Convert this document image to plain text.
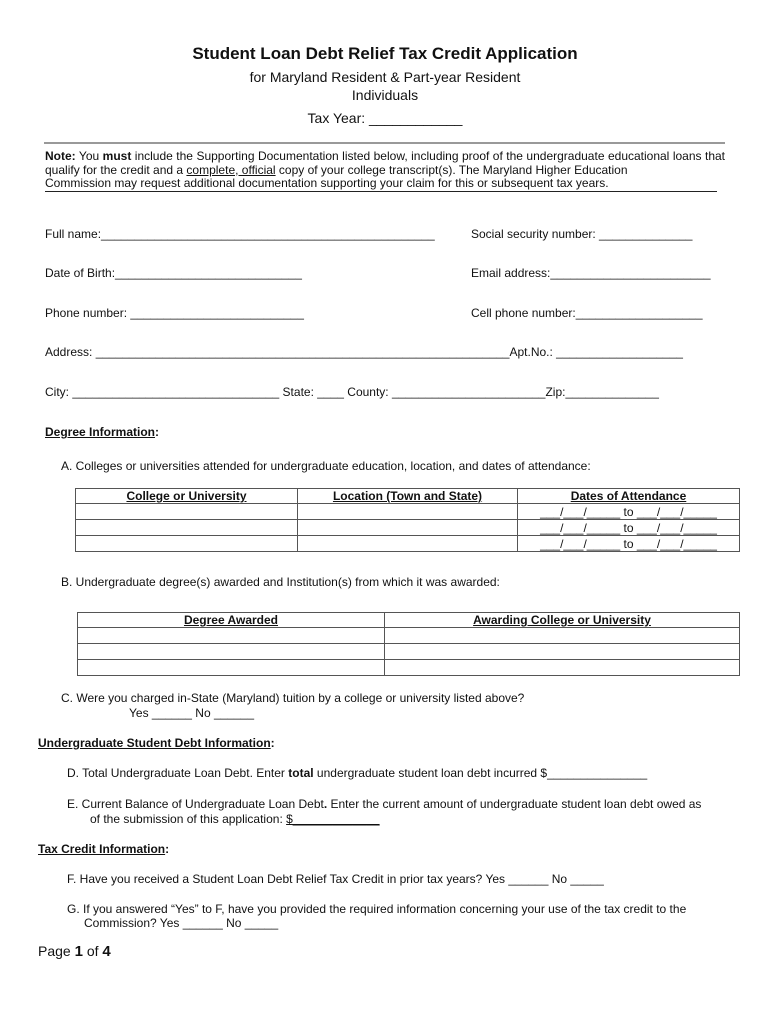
Student Loan Debt Relief Tax Credit Application
for Maryland Resident & Part-year Resident
Individuals
Tax Year: ____________
Note: You must include the Supporting Documentation listed below, including proof of the undergraduate educational loans that qualify for the credit and a complete, official copy of your college transcript(s). The Maryland Higher Education
Commission may request additional documentation supporting your claim for this or subsequent tax years.
Full name:__________________________________________________	Social security number: ______________
Date of Birth:____________________________	Email address:________________________
Phone number: __________________________	Cell phone number:___________________
Address: ______________________________________________________________Apt.No.: ___________________
City: _______________________________ State: ____ County: _______________________Zip:______________
Degree Information:
A. Colleges or universities attended for undergraduate education, location, and dates of attendance:
College or University	Location (Town and State)	Dates of Attendance
		___/___/_____ to ___/___/_____
		___/___/_____ to ___/___/_____
		___/___/_____ to ___/___/_____
B. Undergraduate degree(s) awarded and Institution(s) from which it was awarded:
Degree Awarded	Awarding College or University

C. Were you charged in-State (Maryland) tuition by a college or university listed above?
Yes ______ No ______
Undergraduate Student Debt Information:
D. Total Undergraduate Loan Debt. Enter total undergraduate student loan debt incurred $_______________
E. Current Balance of Undergraduate Loan Debt. Enter the current amount of undergraduate student loan debt owed as
of the submission of this application: $_____________
Tax Credit Information:
F. Have you received a Student Loan Debt Relief Tax Credit in prior tax years? Yes ______ No _____
G. If you answered “Yes” to F, have you provided the required information concerning your use of the tax credit to the
Commission? Yes ______ No _____
Page 1 of 4
